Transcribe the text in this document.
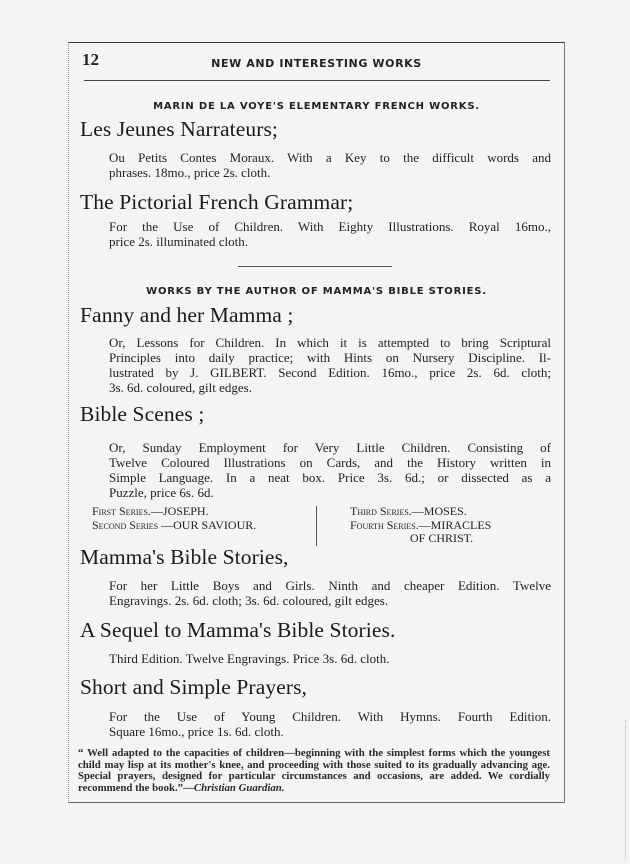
12	NEW AND INTERESTING WORKS
MARIN DE LA VOYE'S ELEMENTARY FRENCH WORKS.
Les Jeunes Narrateurs;

Ou Petits Contes Moraux. With a Key to the difficult words and

phrases. 18mo., price 2s. cloth.

The Pictorial French Grammar;

For the Use of Children. With Eighty Illustrations. Royal 16mo.,

price 2s. illuminated cloth.

WORKS BY THE AUTHOR OF MAMMA'S BIBLE STORIES.
Fanny and her Mamma ;

Or, Lessons for Children. In which it is attempted to bring Scriptural

Principles into daily practice; with Hints on Nursery Discipline. Il-

lustrated by J. GILBERT. Second Edition. 16mo., price 2s. 6d. cloth;

3s. 6d. coloured, gilt edges.

Bible Scenes ;

Or, Sunday Employment for Very Little Children. Consisting of

Twelve Coloured Illustrations on Cards, and the History written in

Simple Language. In a neat box. Price 3s. 6d.; or dissected as a

Puzzle, price 6s. 6d.

First Series.—JOSEPH.
Second Series —OUR SAVIOUR.
Third Series.—MOSES.
Fourth Series.—MIRACLES
OF CHRIST.
Mamma's Bible Stories,

For her Little Boys and Girls. Ninth and cheaper Edition. Twelve

Engravings. 2s. 6d. cloth; 3s. 6d. coloured, gilt edges.

A Sequel to Mamma's Bible Stories.

Third Edition. Twelve Engravings. Price 3s. 6d. cloth.

Short and Simple Prayers,

For the Use of Young Children. With Hymns. Fourth Edition.

Square 16mo., price 1s. 6d. cloth.

“ Well adapted to the capacities of children—beginning with the simplest forms which the youngest child may lisp at its mother's knee, and proceeding with those suited to its gradually advancing age. Special prayers, designed for particular circumstances and occasions, are added. We cordially recommend the book.”—Christian Guardian.
